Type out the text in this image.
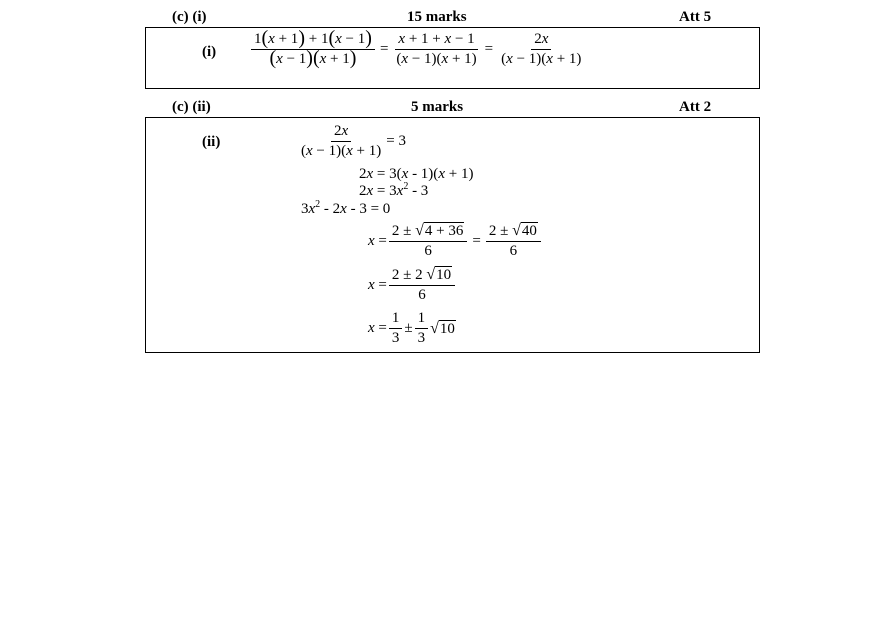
(c) (i)	15 marks	Att 5
$(i) \frac{1(x + 1) + 1(x - 1)}{(x - 1)(x + 1)} = \frac{x + 1 + x - 1}{(x - 1)(x + 1)} = \frac{2x}{(x - 1)(x + 1)}$
(c) (ii)	5 marks	Att 2
(ii)	$\frac{2x}{(x - 1)(x + 1)} = 3$
2x = 3(x - 1)(x + 1)
$2x = 3x^2 - 3$
$3x^2 - 2x - 3 = 0$
$x = \frac{2 \pm √4 + 36}{6} = \frac{2 \pm √40}{6}$
$x = \frac{2 \pm 2 √10}{6}$
$x = \frac{1}{3} \pm \frac{1}{3} √10$
